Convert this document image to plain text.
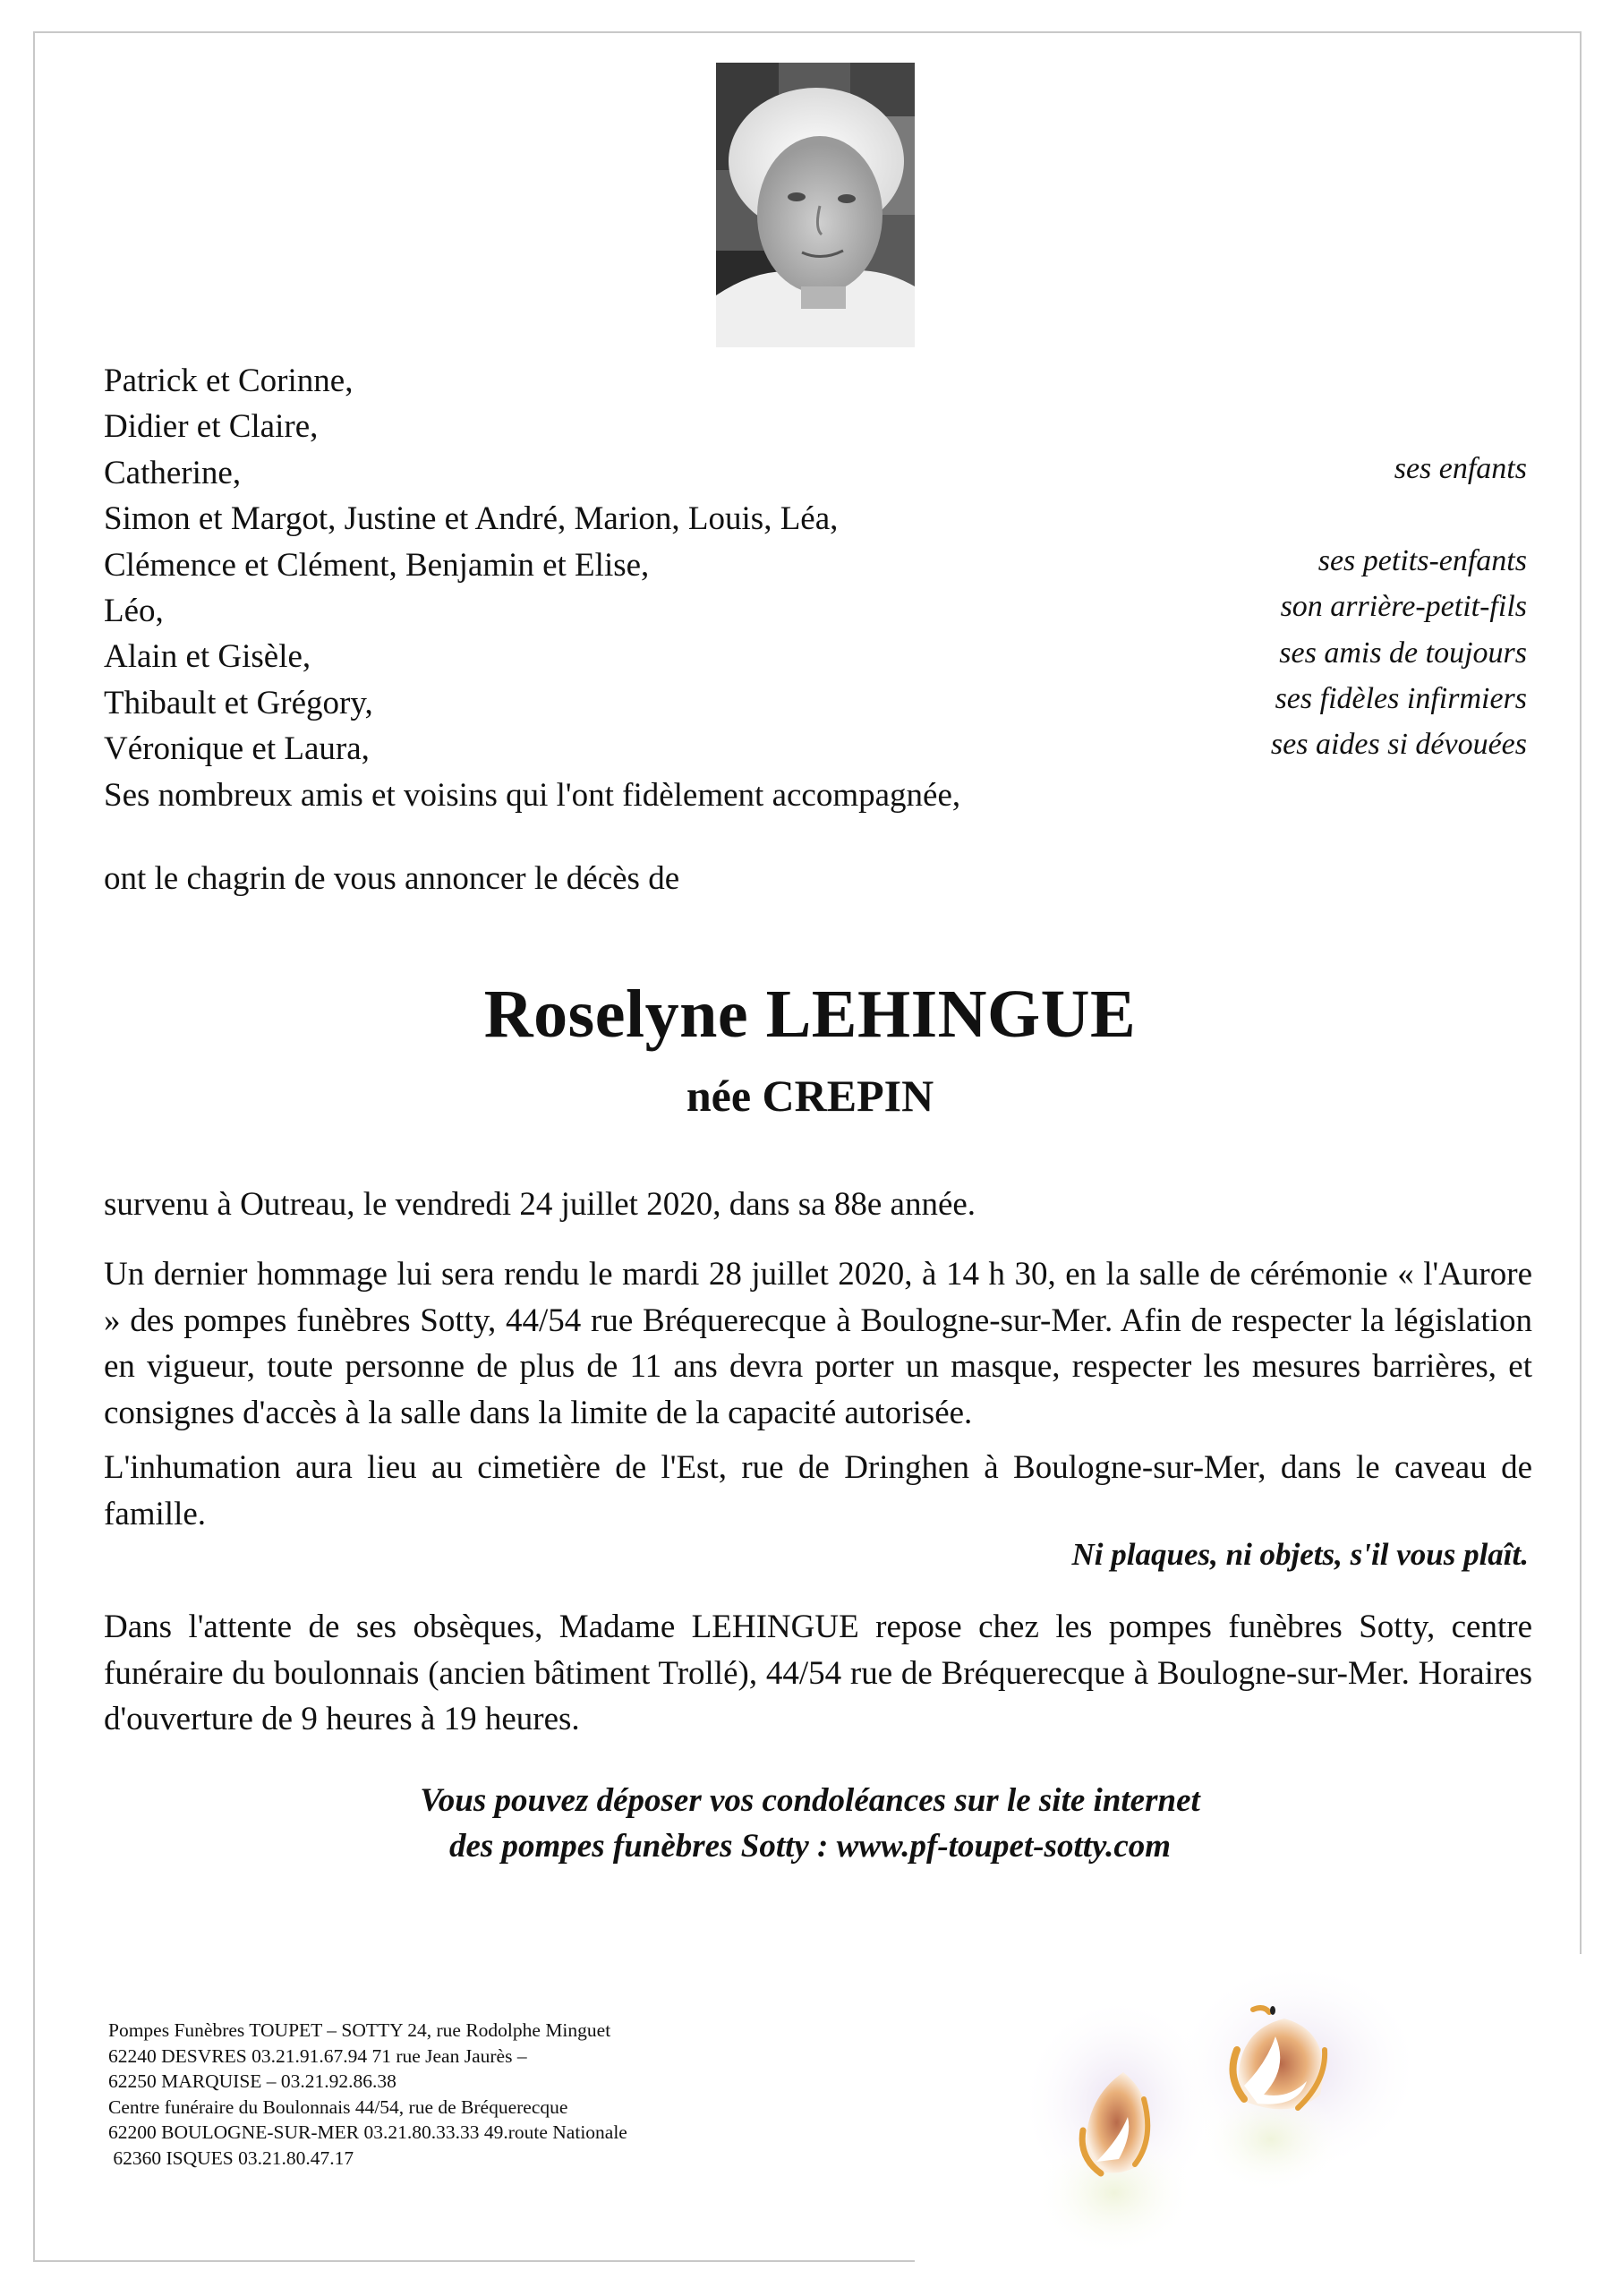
Patrick et Corinne,
Didier et Claire,
Catherine,
Simon et Margot, Justine et André, Marion, Louis, Léa,
Clémence et Clément, Benjamin et Elise,
Léo,
Alain et Gisèle,
Thibault et Grégory,
Véronique et Laura,
Ses nombreux amis et voisins qui l'ont fidèlement accompagnée,
ses enfants
ses petits-enfants
son arrière-petit-fils
ses amis de toujours
ses fidèles infirmiers
ses aides si dévouées
ont le chagrin de vous annoncer le décès de
Roselyne LEHINGUE
née CREPIN
survenu à Outreau, le vendredi 24 juillet 2020, dans sa 88e année.
Un dernier hommage lui sera rendu le mardi 28 juillet 2020, à 14 h 30, en la salle de cérémonie « l'Aurore » des pompes funèbres Sotty, 44/54 rue Bréquerecque à Boulogne-sur-Mer. Afin de respecter la législation en vigueur, toute personne de plus de 11 ans devra porter un masque, respecter les mesures barrières, et consignes d'accès à la salle dans la limite de la capacité autorisée.
L'inhumation aura lieu au cimetière de l'Est, rue de Dringhen à Boulogne-sur-Mer, dans le caveau de famille.
Ni plaques, ni objets, s'il vous plaît.
Dans l'attente de ses obsèques, Madame LEHINGUE repose chez les pompes funèbres Sotty, centre funéraire du boulonnais (ancien bâtiment Trollé), 44/54 rue de Bréquerecque à Boulogne-sur-Mer. Horaires d'ouverture de 9 heures à 19 heures.
Vous pouvez déposer vos condoléances sur le site internet
des pompes funèbres Sotty : www.pf-toupet-sotty.com
Pompes Funèbres TOUPET – SOTTY 24, rue Rodolphe Minguet
62240 DESVRES 03.21.91.67.94 71 rue Jean Jaurès –
62250 MARQUISE – 03.21.92.86.38
Centre funéraire du Boulonnais 44/54, rue de Bréquerecque
62200 BOULOGNE-SUR-MER 03.21.80.33.33 49.route Nationale
62360 ISQUES 03.21.80.47.17
